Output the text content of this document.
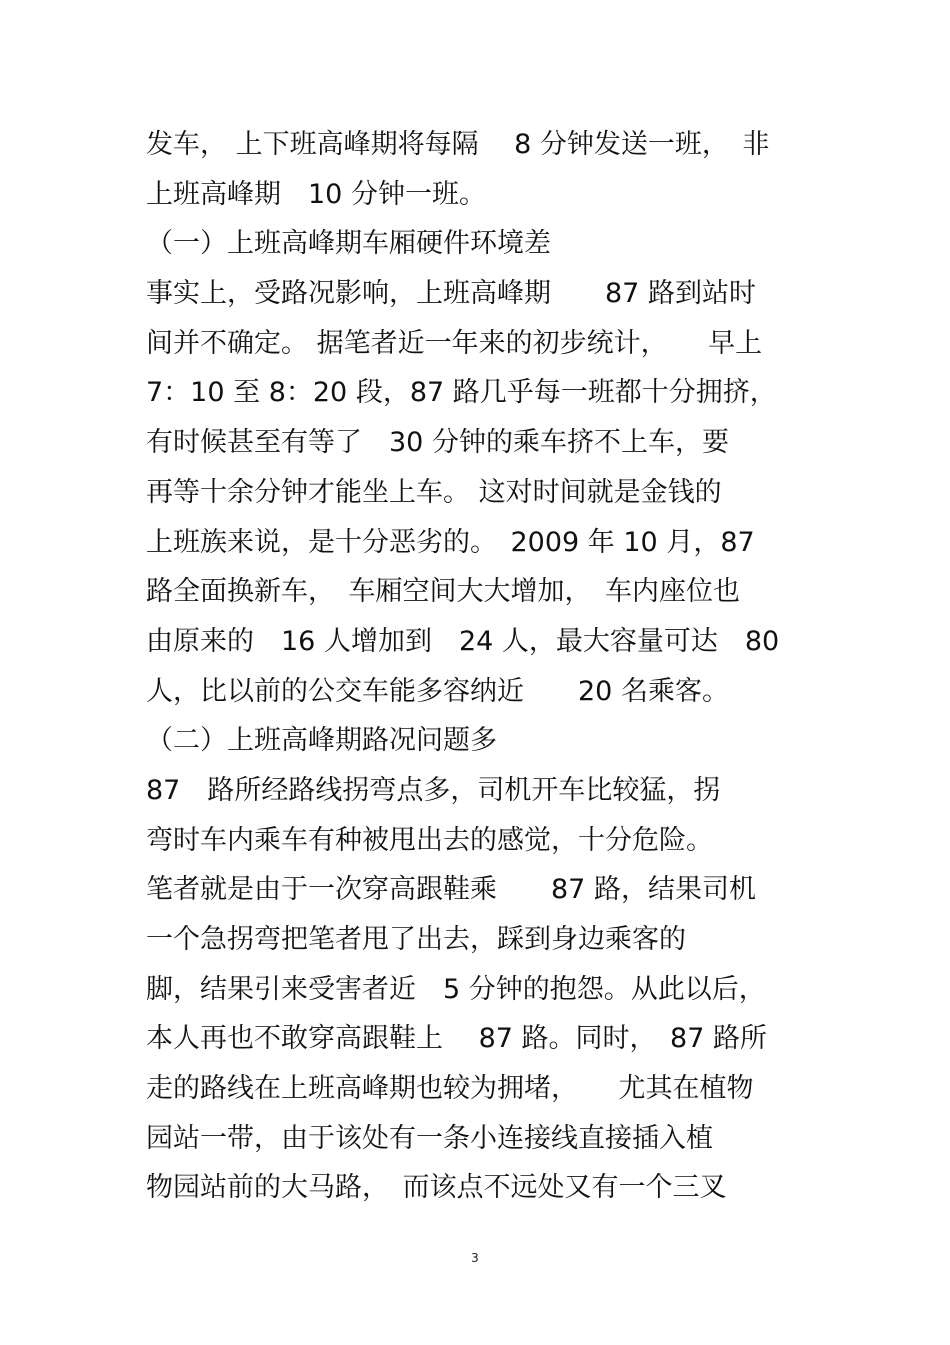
发车， 上下班高峰期将每隔　 8 分钟发送一班，　非
上班高峰期　10 分钟一班。
（一）上班高峰期车厢硬件环境差
事实上，受路况影响，上班高峰期　　87 路到站时
间并不确定。 据笔者近一年来的初步统计，　　早上
7：10 至 8：20 段，87 路几乎每一班都十分拥挤，
有时候甚至有等了　30 分钟的乘车挤不上车，要
再等十余分钟才能坐上车。 这对时间就是金钱的
上班族来说，是十分恶劣的。　2009 年 10 月，87
路全面换新车，　车厢空间大大增加，　车内座位也
由原来的　16 人增加到　24 人，最大容量可达　80
人，比以前的公交车能多容纳近　　20 名乘客。
（二）上班高峰期路况问题多
87　路所经路线拐弯点多，司机开车比较猛，拐
弯时车内乘车有种被甩出去的感觉，十分危险。
笔者就是由于一次穿高跟鞋乘　　87 路，结果司机
一个急拐弯把笔者甩了出去，踩到身边乘客的
脚，结果引来受害者近　5 分钟的抱怨。从此以后，
本人再也不敢穿高跟鞋上　 87 路。同时，　87 路所
走的路线在上班高峰期也较为拥堵，　　尤其在植物
园站一带，由于该处有一条小连接线直接插入植
物园站前的大马路，　而该点不远处又有一个三叉
3
